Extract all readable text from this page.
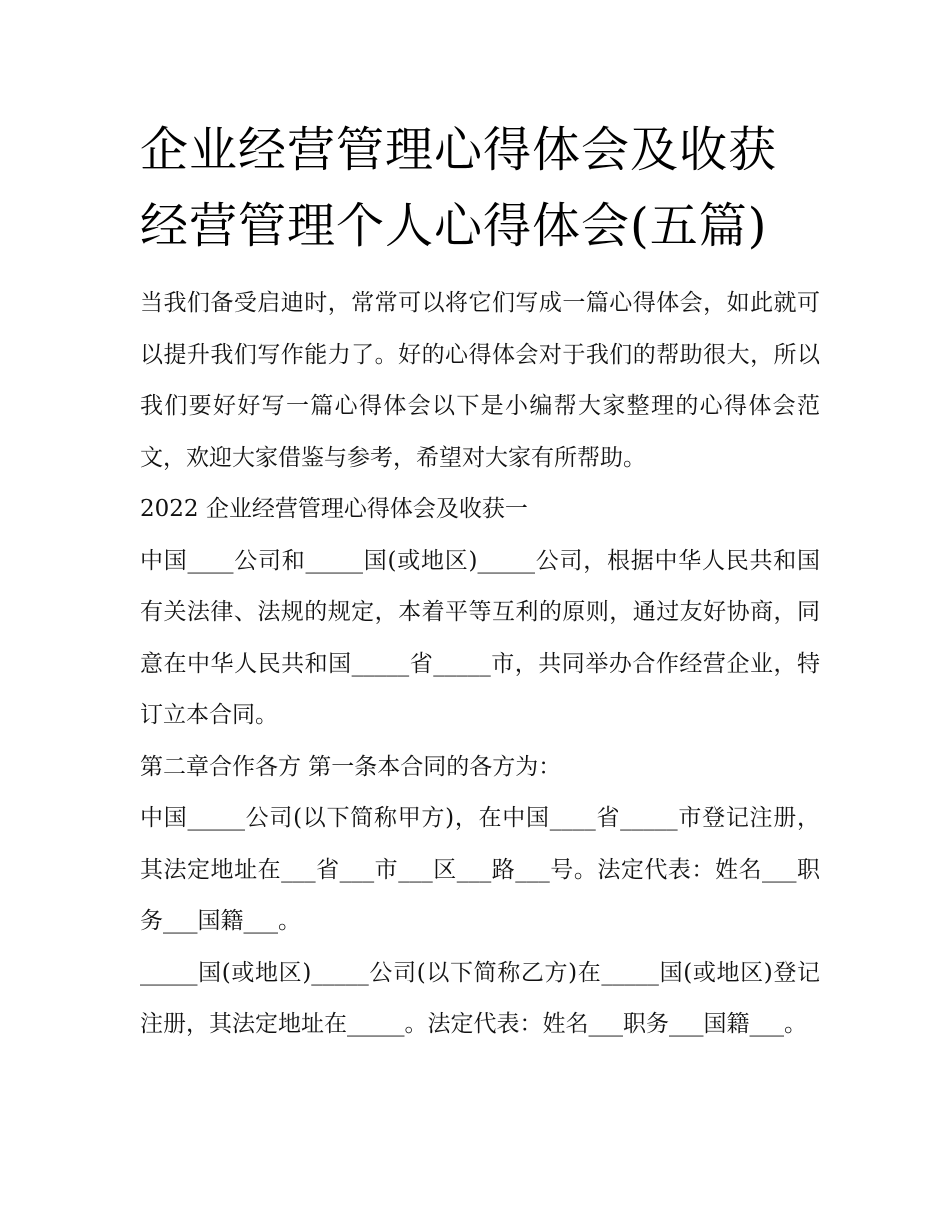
企业经营管理心得体会及收获
经营管理个人心得体会(五篇)

当我们备受启迪时，常常可以将它们写成一篇心得体会，如此就可以提升我们写作能力了。好的心得体会对于我们的帮助很大，所以我们要好好写一篇心得体会以下是小编帮大家整理的心得体会范文，欢迎大家借鉴与参考，希望对大家有所帮助。

2022 企业经营管理心得体会及收获一

中国____公司和_____国(或地区)_____公司，根据中华人民共和国有关法律、法规的规定，本着平等互利的原则，通过友好协商，同意在中华人民共和国_____省_____市，共同举办合作经营企业，特订立本合同。

第二章合作各方 第一条本合同的各方为：

中国_____公司(以下简称甲方)，在中国____省_____市登记注册，其法定地址在___省___市___区___路___号。法定代表：姓名___职务___国籍___。

_____国(或地区)_____公司(以下简称乙方)在_____国(或地区)登记注册，其法定地址在_____。法定代表：姓名___职务___国籍___。
